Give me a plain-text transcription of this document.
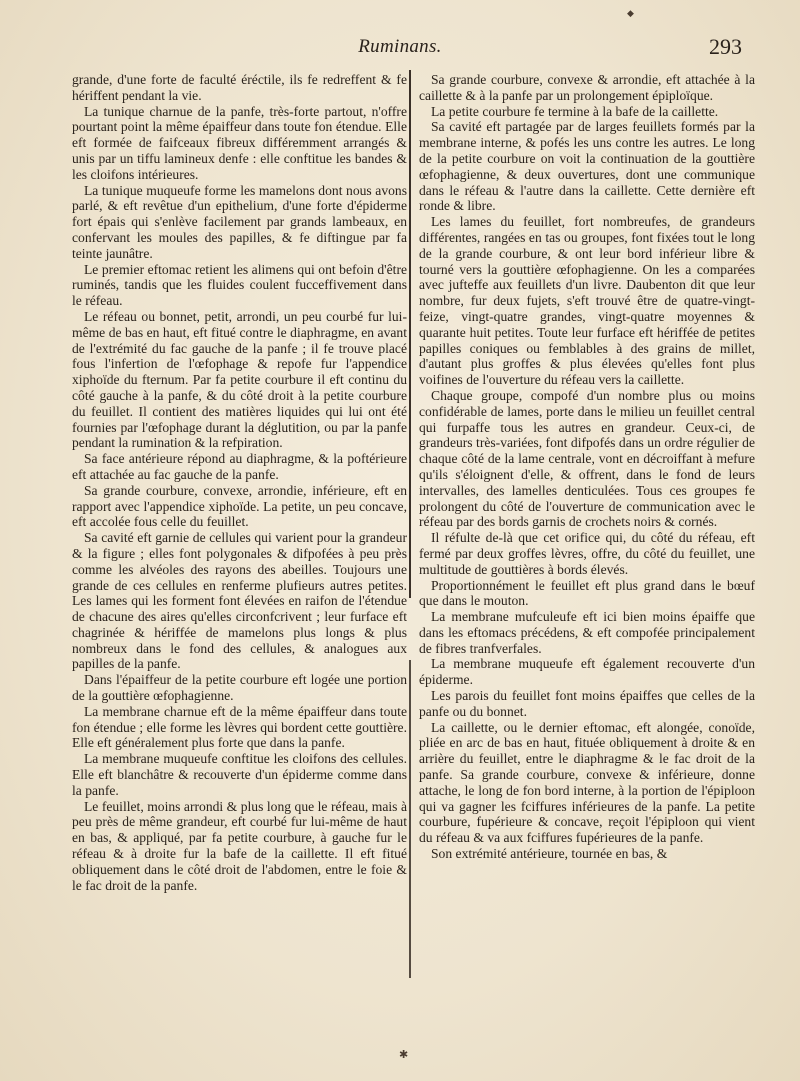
Ruminans.	293

grande, d'une forte de faculté éréctile, ils fe redreffent & fe hériffent pendant la vie.

La tunique charnue de la panfe, très-forte partout, n'offre pourtant point la même épaiffeur dans toute fon étendue. Elle eft formée de faifceaux fibreux différemment arrangés & unis par un tiffu lamineux denfe : elle conftitue les bandes & les cloifons intérieures.

La tunique muqueufe forme les mamelons dont nous avons parlé, & eft revêtue d'un epithelium, d'une forte d'épiderme fort épais qui s'enlève facilement par grands lambeaux, en confervant les moules des papilles, & fe diftingue par fa teinte jaunâtre.

Le premier eftomac retient les alimens qui ont befoin d'être ruminés, tandis que les fluides coulent fucceffivement dans le réfeau.

Le réfeau ou bonnet, petit, arrondi, un peu courbé fur lui-même de bas en haut, eft fitué contre le diaphragme, en avant de l'extrémité du fac gauche de la panfe ; il fe trouve placé fous l'infertion de l'œfophage & repofe fur l'appendice xiphoïde du fternum. Par fa petite courbure il eft continu du côté gauche à la panfe, & du côté droit à la petite courbure du feuillet. Il contient des matières liquides qui lui ont été fournies par l'œfophage durant la déglutition, ou par la panfe pendant la rumination & la refpiration.

Sa face antérieure répond au diaphragme, & la poftérieure eft attachée au fac gauche de la panfe.

Sa grande courbure, convexe, arrondie, inférieure, eft en rapport avec l'appendice xiphoïde. La petite, un peu concave, eft accolée fous celle du feuillet.

Sa cavité eft garnie de cellules qui varient pour la grandeur & la figure ; elles font polygonales & difpofées à peu près comme les alvéoles des rayons des abeilles. Toujours une grande de ces cellules en renferme plufieurs autres petites. Les lames qui les forment font élevées en raifon de l'étendue de chacune des aires qu'elles circonfcrivent ; leur furface eft chagrinée & hériffée de mamelons plus longs & plus nombreux dans le fond des cellules, & analogues aux papilles de la panfe.

Dans l'épaiffeur de la petite courbure eft logée une portion de la gouttière œfophagienne.

La membrane charnue eft de la même épaiffeur dans toute fon étendue ; elle forme les lèvres qui bordent cette gouttière. Elle eft généralement plus forte que dans la panfe.

La membrane muqueufe conftitue les cloifons des cellules. Elle eft blanchâtre & recouverte d'un épiderme comme dans la panfe.

Le feuillet, moins arrondi & plus long que le réfeau, mais à peu près de même grandeur, eft courbé fur lui-même de haut en bas, & appliqué, par fa petite courbure, à gauche fur le réfeau & à droite fur la bafe de la caillette. Il eft fitué obliquement dans le côté droit de l'abdomen, entre le foie & le fac droit de la panfe.

Sa grande courbure, convexe & arrondie, eft attachée à la caillette & à la panfe par un prolongement épiploïque.

La petite courbure fe termine à la bafe de la caillette.

Sa cavité eft partagée par de larges feuillets formés par la membrane interne, & pofés les uns contre les autres. Le long de la petite courbure on voit la continuation de la gouttière œfophagienne, & deux ouvertures, dont une communique dans le réfeau & l'autre dans la caillette. Cette dernière eft ronde & libre.

Les lames du feuillet, fort nombreufes, de grandeurs différentes, rangées en tas ou groupes, font fixées tout le long de la grande courbure, & ont leur bord inférieur libre & tourné vers la gouttière œfophagienne. On les a comparées avec jufteffe aux feuillets d'un livre. Daubenton dit que leur nombre, fur deux fujets, s'eft trouvé être de quatre-vingt-feize, vingt-quatre grandes, vingt-quatre moyennes & quarante huit petites. Toute leur furface eft hériffée de petites papilles coniques ou femblables à des grains de millet, d'autant plus groffes & plus élevées qu'elles font plus voifines de l'ouverture du réfeau vers la caillette.

Chaque groupe, compofé d'un nombre plus ou moins confidérable de lames, porte dans le milieu un feuillet central qui furpaffe tous les autres en grandeur. Ceux-ci, de grandeurs très-variées, font difpofés dans un ordre régulier de chaque côté de la lame centrale, vont en décroiffant à mefure qu'ils s'éloignent d'elle, & offrent, dans le fond de leurs intervalles, des lamelles denticulées. Tous ces groupes fe prolongent du côté de l'ouverture de communication avec le réfeau par des bords garnis de crochets noirs & cornés.

Il réfulte de-là que cet orifice qui, du côté du réfeau, eft fermé par deux groffes lèvres, offre, du côté du feuillet, une multitude de gouttières à bords élevés.

Proportionnément le feuillet eft plus grand dans le bœuf que dans le mouton.

La membrane mufculeufe eft ici bien moins épaiffe que dans les eftomacs précédens, & eft compofée principalement de fibres tranfverfales.

La membrane muqueufe eft également recouverte d'un épiderme.

Les parois du feuillet font moins épaiffes que celles de la panfe ou du bonnet.

La caillette, ou le dernier eftomac, eft alongée, conoïde, pliée en arc de bas en haut, fituée obliquement à droite & en arrière du feuillet, entre le diaphragme & le fac droit de la panfe. Sa grande courbure, convexe & inférieure, donne attache, le long de fon bord interne, à la portion de l'épiploon qui va gagner les fciffures inférieures de la panfe. La petite courbure, fupérieure & concave, reçoit l'épiploon qui vient du réfeau & va aux fciffures fupérieures de la panfe.

Son extrémité antérieure, tournée en bas, &

✱
◆
